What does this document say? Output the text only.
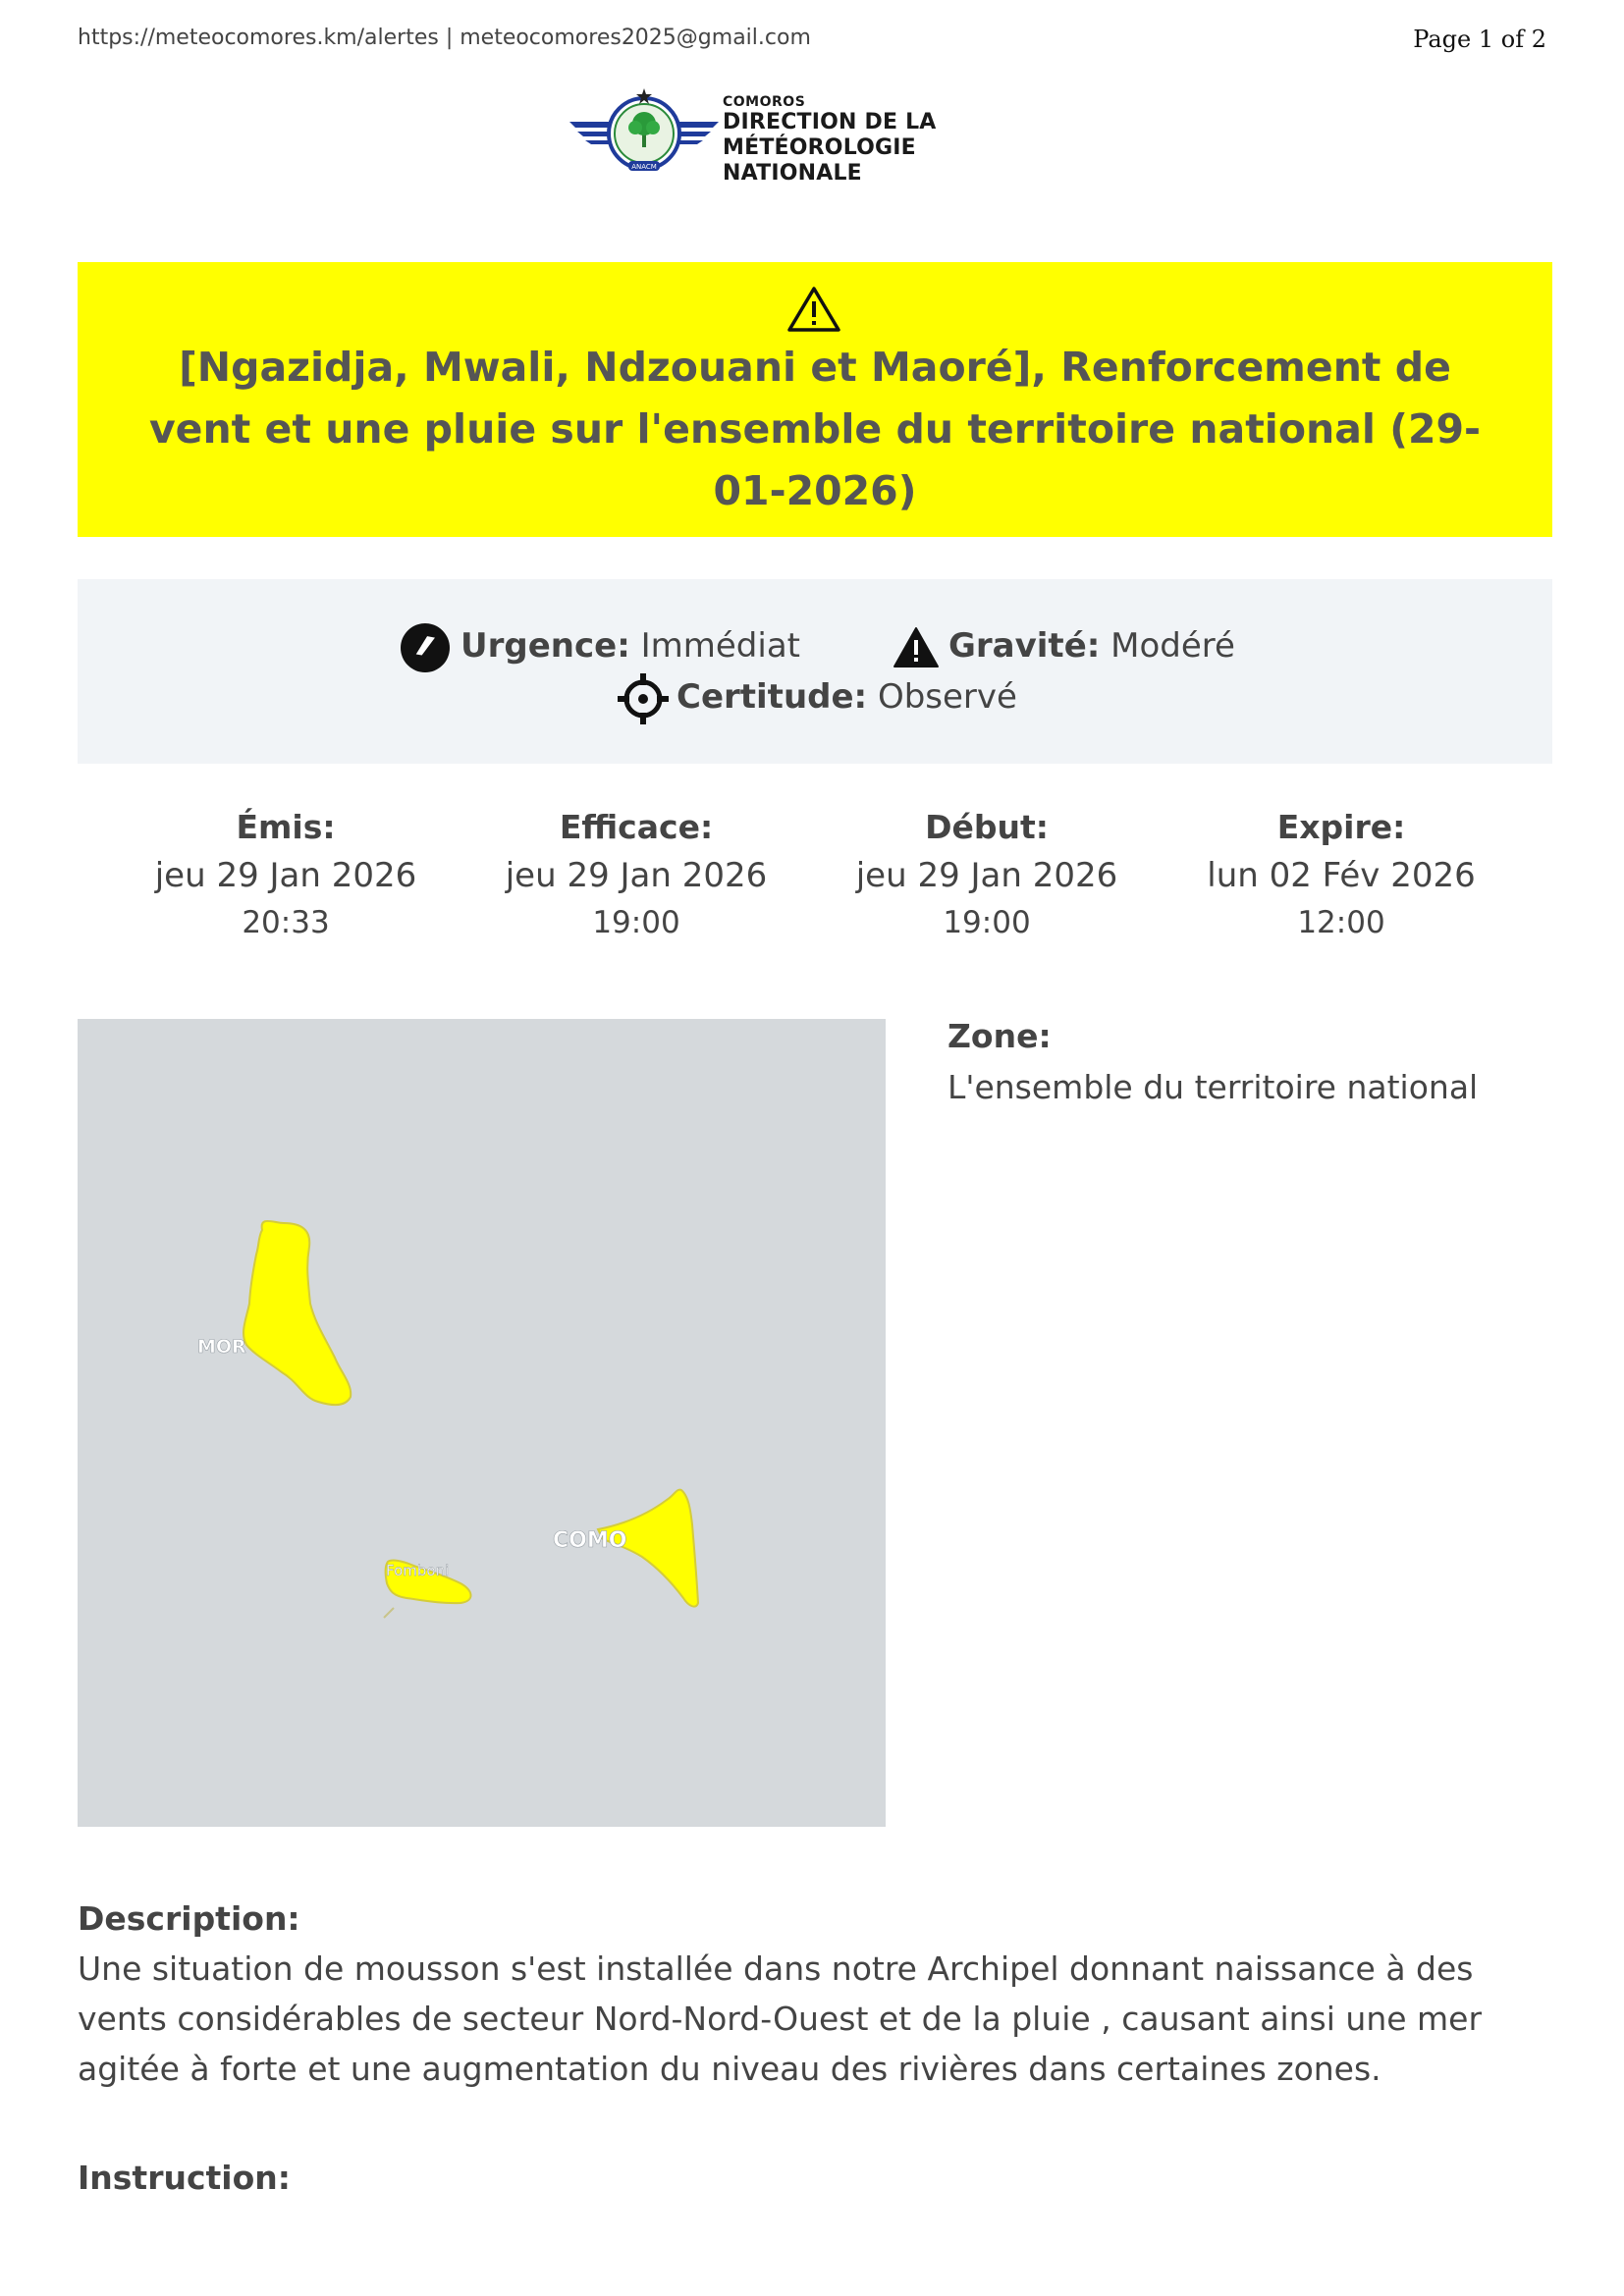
https://meteocomores.km/alertes | meteocomores2025@gmail.com	Page 1 of 2
ANACM
COMOROS
DIRECTION DE LA
MÉTÉOROLOGIE NATIONALE
[Ngazidja, Mwali, Ndzouani et Maoré], Renforcement de vent et une pluie sur l'ensemble du territoire national (29-01-2026)
Urgence: Immédiat	Gravité: Modéré
Certitude: Observé
Émis:
jeu 29 Jan 2026
20:33
Efficace:
jeu 29 Jan 2026
19:00
Début:
jeu 29 Jan 2026
19:00
Expire:
lun 02 Fév 2026
12:00
MOR
COMO
Fomboni
Zone:
L'ensemble du territoire national
Description:
Une situation de mousson s'est installée dans notre Archipel donnant naissance à des vents considérables de secteur Nord-Nord-Ouest et de la pluie , causant ainsi une mer agitée à forte et une augmentation du niveau des rivières dans certaines zones.
Instruction:
